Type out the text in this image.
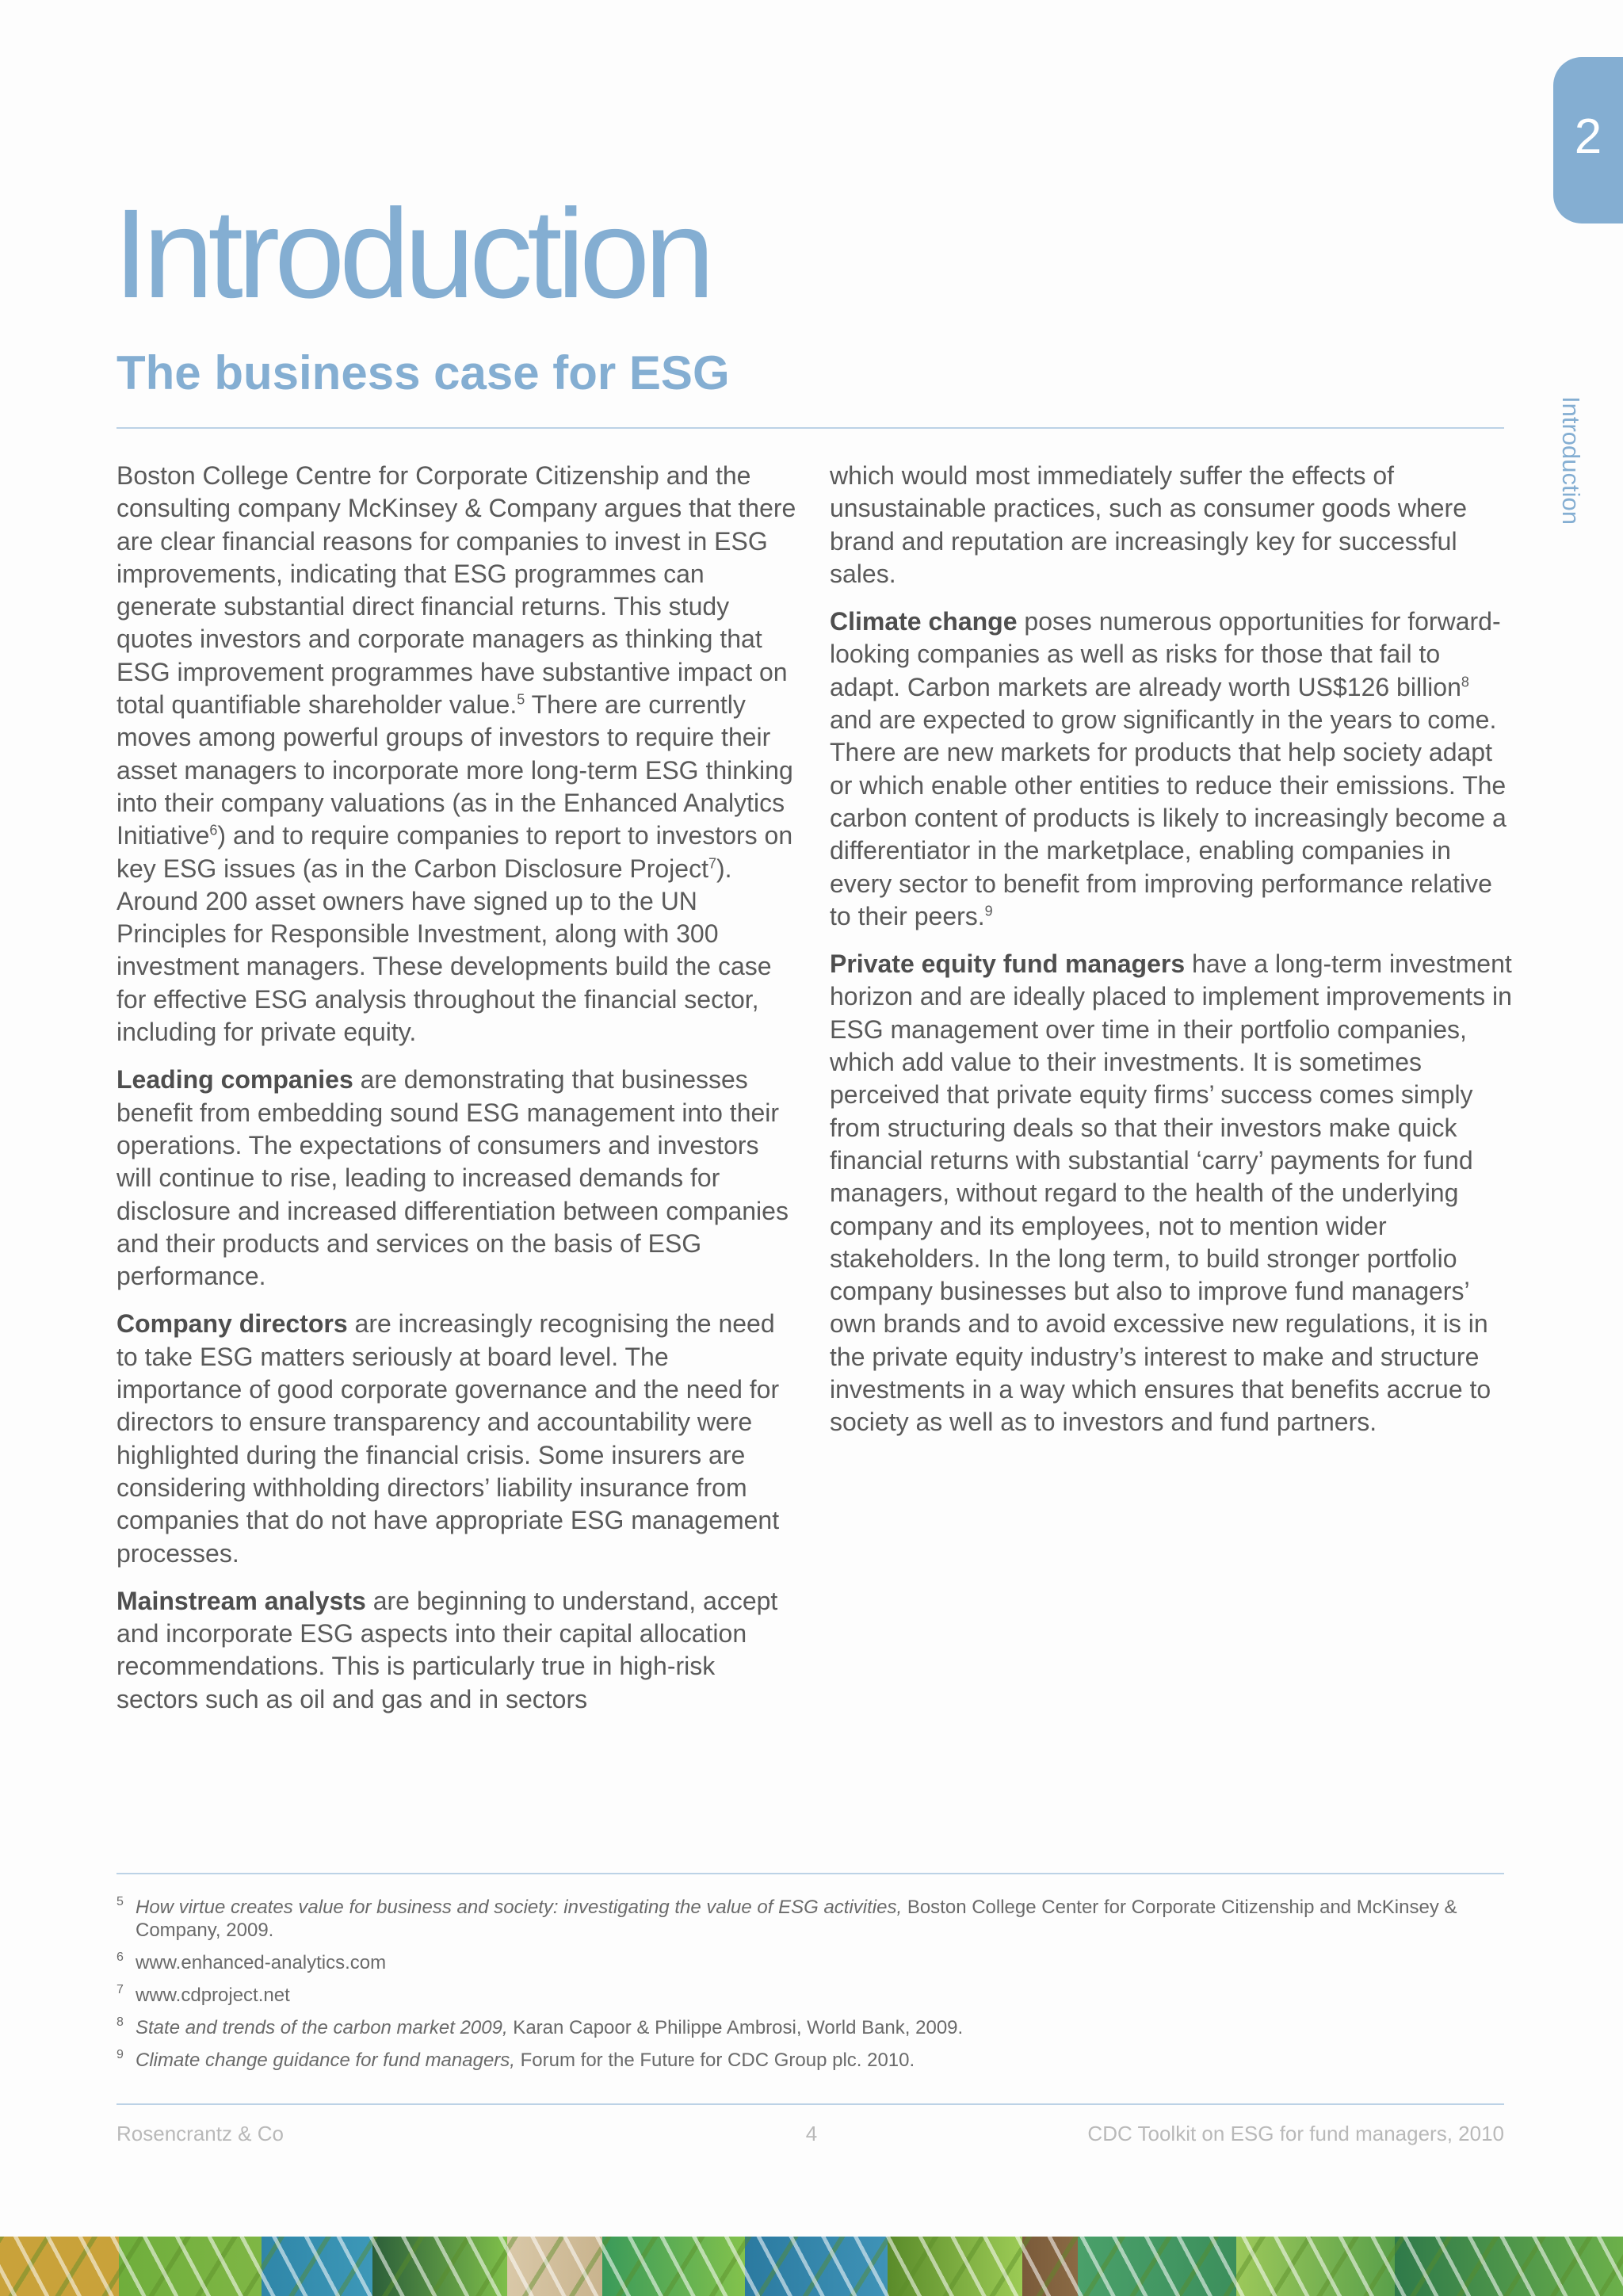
2
Introduction
Introduction
The business case for ESG

Boston College Centre for Corporate Citizenship and the consulting company McKinsey & Company argues that there are clear financial reasons for companies to invest in ESG improvements, indicating that ESG programmes can generate substantial direct financial returns. This study quotes investors and corporate managers as thinking that ESG improvement programmes have substantive impact on total quantifiable shareholder value.$^5$ There are currently moves among powerful groups of investors to require their asset managers to incorporate more long-term ESG thinking into their company valuations (as in the Enhanced Analytics Initiative$^6$) and to require companies to report to investors on key ESG issues (as in the Carbon Disclosure Project$^7$). Around 200 asset owners have signed up to the UN Principles for Responsible Investment, along with 300 investment managers. These developments build the case for effective ESG analysis throughout the financial sector, including for private equity.

Leading companies are demonstrating that businesses benefit from embedding sound ESG management into their operations. The expectations of consumers and investors will continue to rise, leading to increased demands for disclosure and increased differentiation between companies and their products and services on the basis of ESG performance.

Company directors are increasingly recognising the need to take ESG matters seriously at board level. The importance of good corporate governance and the need for directors to ensure transparency and accountability were highlighted during the financial crisis. Some insurers are considering withholding directors’ liability insurance from companies that do not have appropriate ESG management processes.

Mainstream analysts are beginning to understand, accept and incorporate ESG aspects into their capital allocation recommendations. This is particularly true in high-risk sectors such as oil and gas and in sectors

which would most immediately suffer the effects of unsustainable practices, such as consumer goods where brand and reputation are increasingly key for successful sales.

Climate change poses numerous opportunities for forward-looking companies as well as risks for those that fail to adapt. Carbon markets are already worth US$126 billion$^8$ and are expected to grow significantly in the years to come. There are new markets for products that help society adapt or which enable other entities to reduce their emissions. The carbon content of products is likely to increasingly become a differentiator in the marketplace, enabling companies in every sector to benefit from improving performance relative to their peers.$^9$

Private equity fund managers have a long-term investment horizon and are ideally placed to implement improvements in ESG management over time in their portfolio companies, which add value to their investments. It is sometimes perceived that private equity firms’ success comes simply from structuring deals so that their investors make quick financial returns with substantial ‘carry’ payments for fund managers, without regard to the health of the underlying company and its employees, not to mention wider stakeholders. In the long term, to build stronger portfolio company businesses but also to improve fund managers’ own brands and to avoid excessive new regulations, it is in the private equity industry’s interest to make and structure investments in a way which ensures that benefits accrue to society as well as to investors and fund partners.

5 How virtue creates value for business and society: investigating the value of ESG activities, Boston College Center for Corporate Citizenship and McKinsey & Company, 2009.
6 www.enhanced-analytics.com
7 www.cdproject.net
8 State and trends of the carbon market 2009, Karan Capoor & Philippe Ambrosi, World Bank, 2009.
9 Climate change guidance for fund managers, Forum for the Future for CDC Group plc. 2010.
Rosencrantz & Co	4	CDC Toolkit on ESG for fund managers, 2010
